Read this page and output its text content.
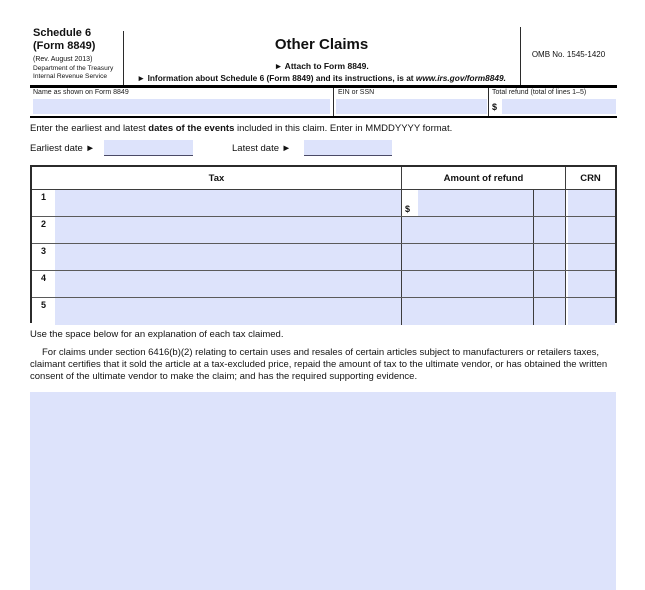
Schedule 6
(Form 8849)
(Rev. August 2013)
Department of the Treasury
Internal Revenue Service
Other Claims
► Attach to Form 8849.
► Information about Schedule 6 (Form 8849) and its instructions, is at www.irs.gov/form8849.
OMB No. 1545-1420
Name as shown on Form 8849	EIN or SSN	Total refund (total of lines 1–5)
$
Enter the earliest and latest dates of the events included in this claim. Enter in MMDDYYYY format.
Earliest date ►	Latest date ►
Tax	Amount of refund	CRN
1
$
2
3
4
5
Use the space below for an explanation of each tax claimed.
For claims under section 6416(b)(2) relating to certain uses and resales of certain articles subject to manufacturers or retailers taxes, claimant certifies that it sold the article at a tax-excluded price, repaid the amount of tax to the ultimate vendor, or has obtained the written consent of the ultimate vendor to make the claim; and has the required supporting evidence.
